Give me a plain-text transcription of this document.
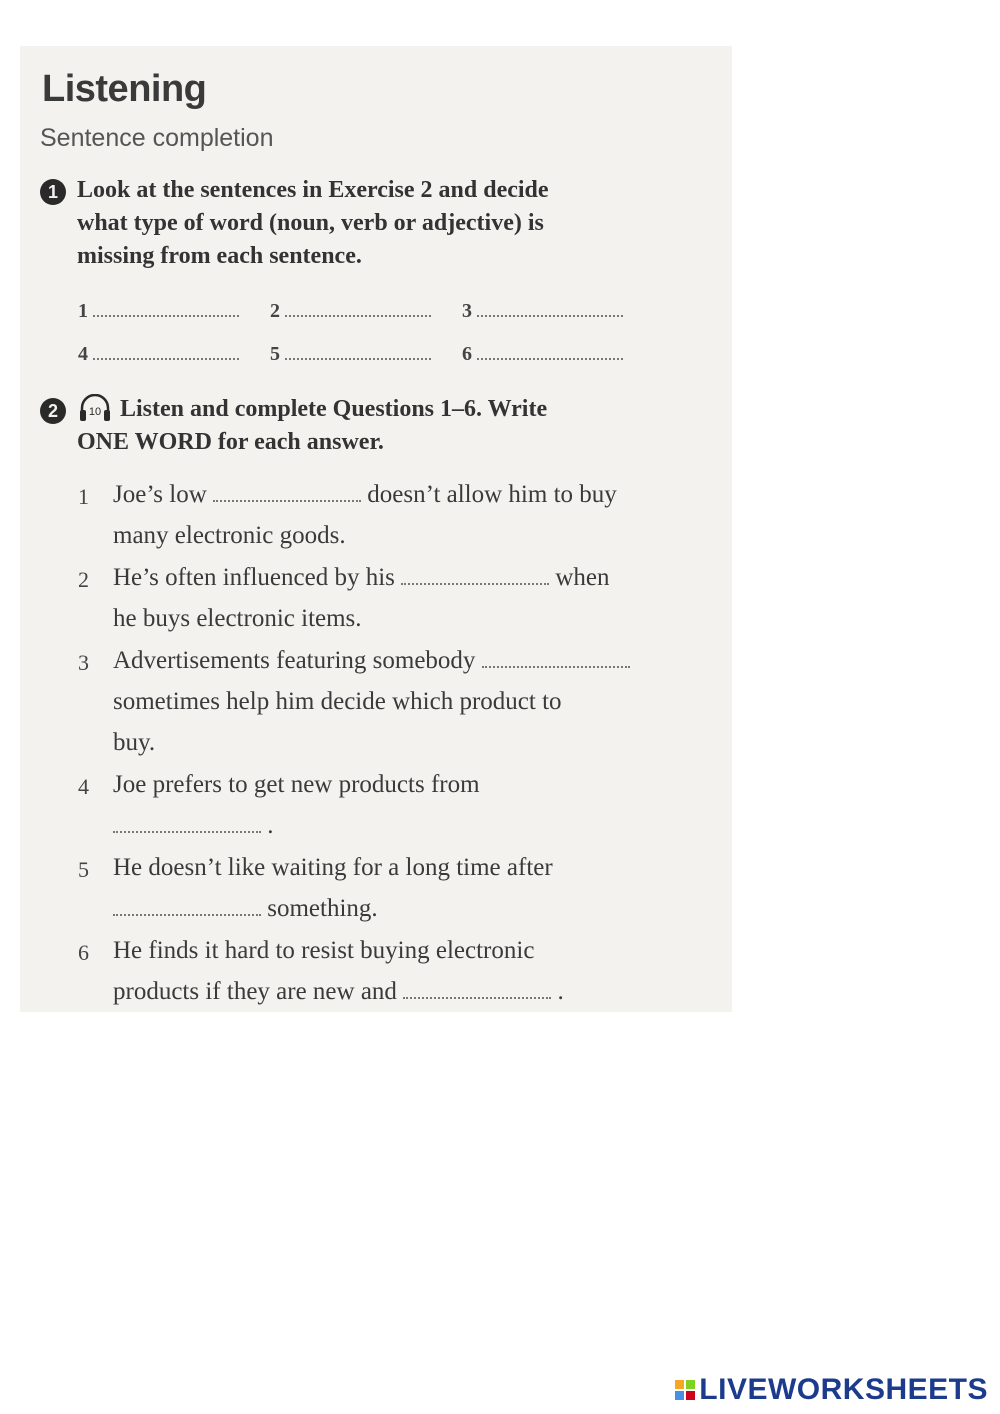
Listening
Sentence completion
1 Look at the sentences in Exercise 2 and decide
what type of word (noun, verb or adjective) is
missing from each sentence.
1	2	3
4	5	6
2	10 Listen and complete Questions 1–6. Write
ONE WORD for each answer.
1 Joe’s low	doesn’t allow him to buy
many electronic goods.
2 He’s often influenced by his	when
he buys electronic items.
3 Advertisements featuring somebody
sometimes help him decide which product to
buy.
4 Joe prefers to get new products from
.
5 He doesn’t like waiting for a long time after
something.
6 He finds it hard to resist buying electronic
products if they are new and	.
LIVEWORKSHEETS
